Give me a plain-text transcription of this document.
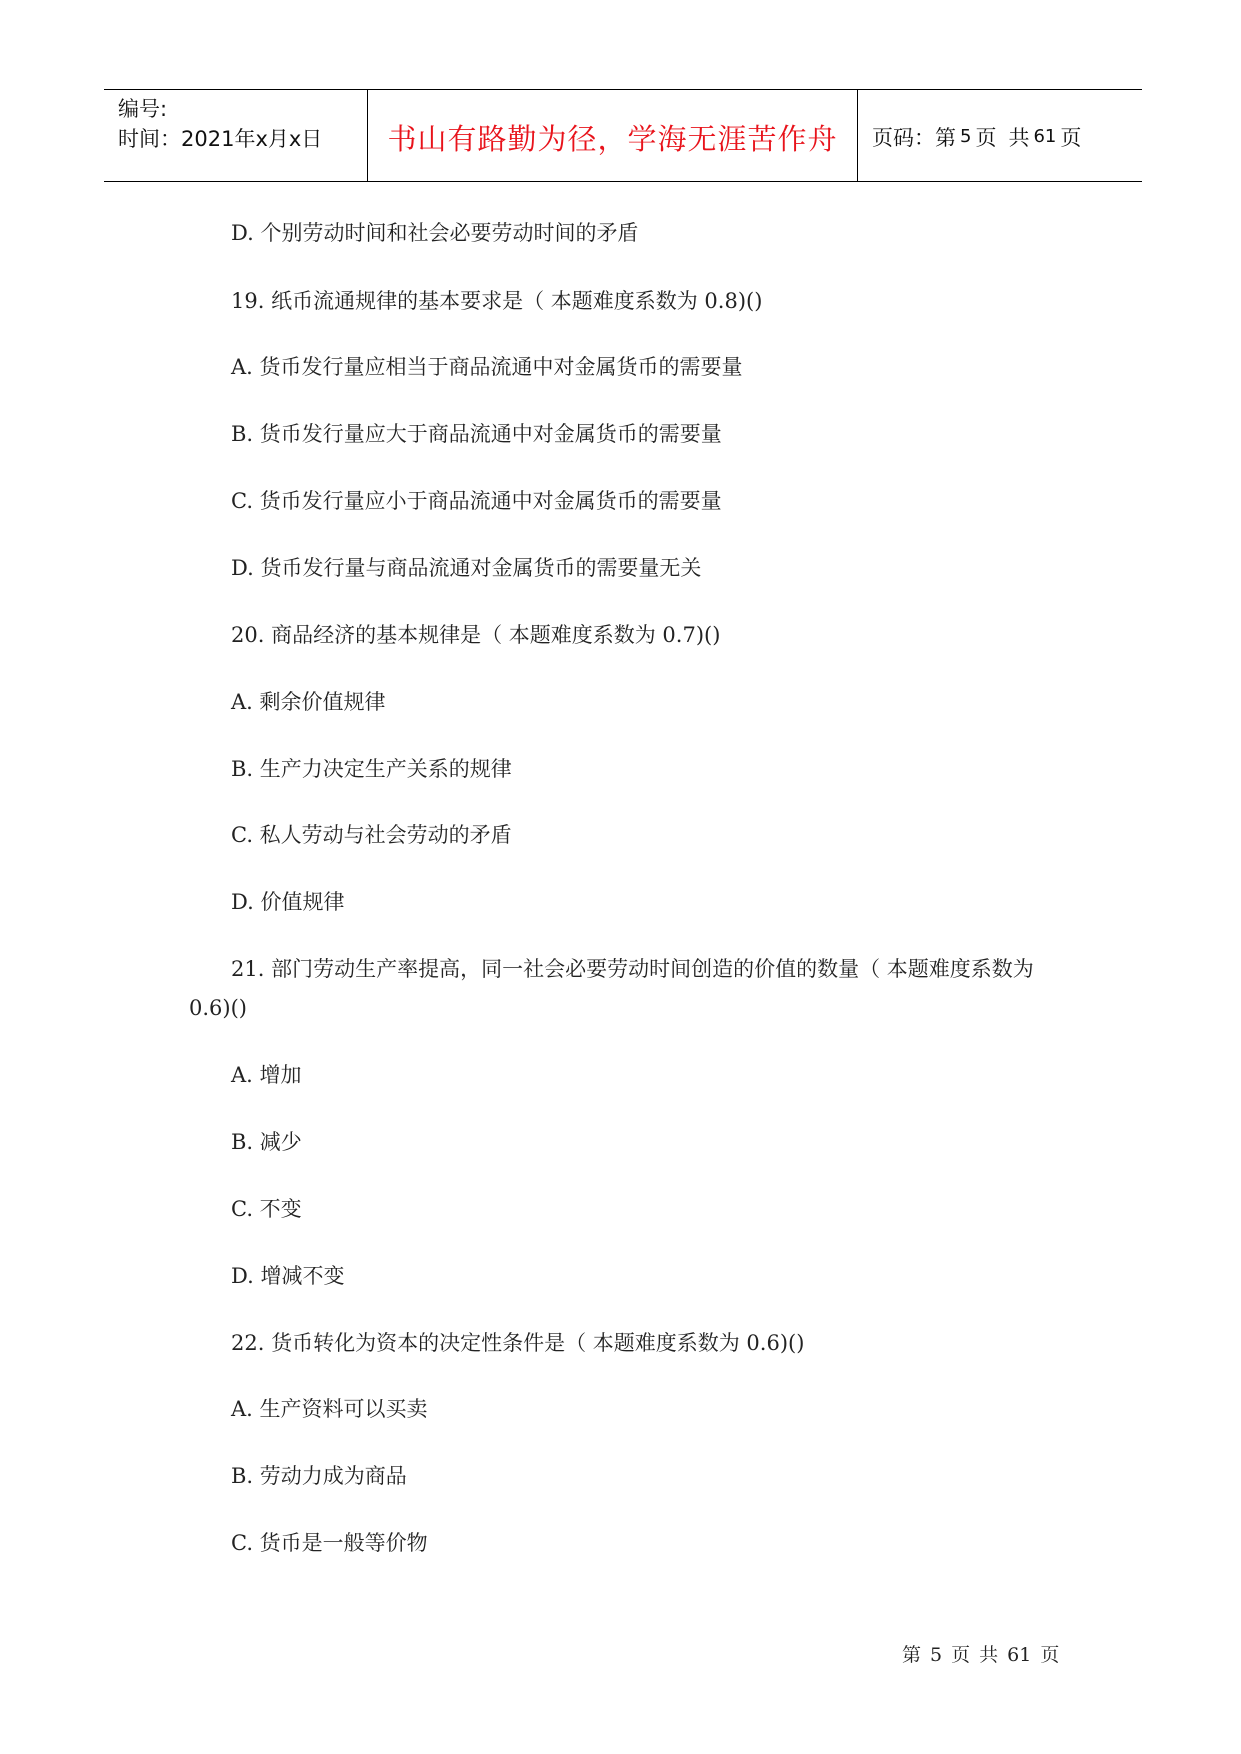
编号:
时间：2021年x月x日	书山有路勤为径，学海无涯苦作舟	页码：第 5 页 共 61 页
D. 个别劳动时间和社会必要劳动时间的矛盾
19. 纸币流通规律的基本要求是（ 本题难度系数为 0.8)()
A. 货币发行量应相当于商品流通中对金属货币的需要量
B. 货币发行量应大于商品流通中对金属货币的需要量
C. 货币发行量应小于商品流通中对金属货币的需要量
D. 货币发行量与商品流通对金属货币的需要量无关
20. 商品经济的基本规律是（ 本题难度系数为 0.7)()
A. 剩余价值规律
B. 生产力决定生产关系的规律
C. 私人劳动与社会劳动的矛盾
D. 价值规律
21. 部门劳动生产率提高，同一社会必要劳动时间创造的价值的数量（ 本题难度系数为
0.6)()
A. 增加
B. 减少
C. 不变
D. 增减不变
22. 货币转化为资本的决定性条件是（ 本题难度系数为 0.6)()
A. 生产资料可以买卖
B. 劳动力成为商品
C. 货币是一般等价物
第 5 页 共 61 页
